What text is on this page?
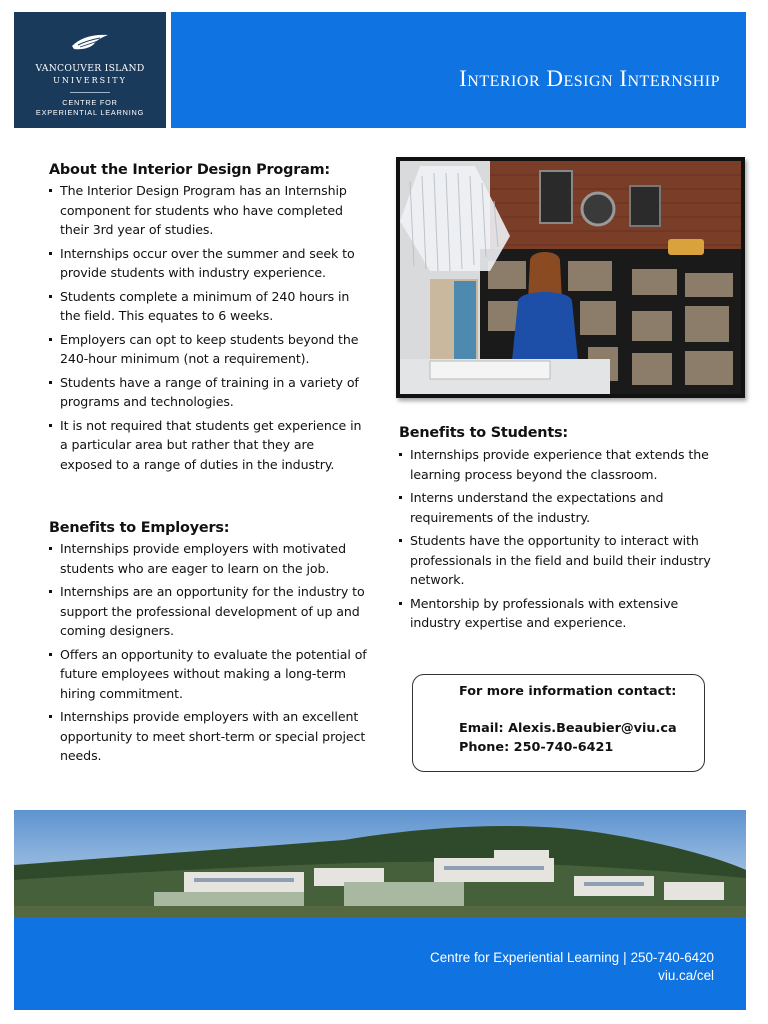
VANCOUVER ISLAND
UNIVERSITY
CENTRE FOR
EXPERIENTIAL LEARNING
Interior Design Internship
About the Interior Design Program:
The Interior Design Program has an Internship component for students who have completed their 3rd year of studies.
Internships occur over the summer and seek to provide students with industry experience.
Students complete a minimum of 240 hours in the field. This equates to 6 weeks.
Employers can opt to keep students beyond the 240-hour minimum (not a requirement).
Students have a range of training in a variety of programs and technologies.
It is not required that students get experience in a particular area but rather that they are exposed to a range of duties in the industry.
Benefits to Employers:
Internships provide employers with motivated students who are eager to learn on the job.
Internships are an opportunity for the industry to support the professional development of up and coming designers.
Offers an opportunity to evaluate the potential of future employees without making a long-term hiring commitment.
Internships provide employers with an excellent opportunity to meet short-term or special project needs.
Benefits to Students:
Internships provide experience that extends the learning process beyond the classroom.
Interns understand the expectations and requirements of the industry.
Students have the opportunity to interact with professionals in the field and build their industry network.
Mentorship by professionals with extensive industry expertise and experience.
For more information contact:
Email: Alexis.Beaubier@viu.ca
Phone: 250-740-6421
Centre for Experiential Learning | 250-740-6420
viu.ca/cel
